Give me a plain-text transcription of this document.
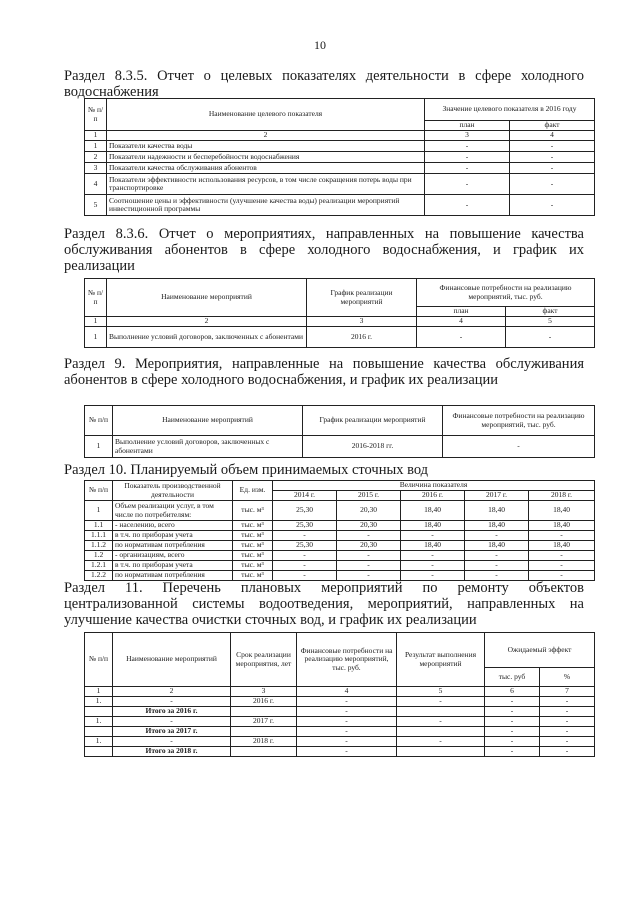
10
Раздел 8.3.5. Отчет о целевых показателях деятельности в сфере холодного водоснабжения
№ п/п	Наименование целевого показателя	Значение целевого показателя в 2016 году	
		план	факт
1	2	3	4
1	Показатели качества воды	-	-
2	Показатели надежности и бесперебойности водоснабжения	-	-
3	Показатели качества обслуживания абонентов	-	-
4	Показатели эффективности использования ресурсов, в том числе сокращения потерь воды при транспортировке	-	-
5	Соотношение цены и эффективности (улучшение качества воды) реализации мероприятий инвестиционной программы	-	-
Раздел 8.3.6. Отчет о мероприятиях, направленных на повышение качества обслуживания абонентов в сфере холодного водоснабжения, и график их реализации
№ п/п	Наименование мероприятий	График реализации мероприятий	Финансовые потребности на реализацию мероприятий, тыс. руб.	
			план	факт
1	2	3	4	5
1	Выполнение условий договоров, заключенных с абонентами	2016 г.	-	-
Раздел 9. Мероприятия, направленные на повышение качества обслуживания абонентов в сфере холодного водоснабжения, и график их реализации
№ п/п	Наименование мероприятий	График реализации мероприятий	Финансовые потребности на реализацию мероприятий, тыс. руб.
1	Выполнение условий договоров, заключенных с абонентами	2016-2018 гг.	-
Раздел 10. Планируемый объем принимаемых сточных вод
№ п/п	Показатель производственной деятельности	Ед. изм.	Величина показателя				
			2014 г.	2015 г.	2016 г.	2017 г.	2018 г.
1	Объем реализации услуг, в том числе по потребителям:	тыс. м³	25,30	20,30	18,40	18,40	18,40
1.1	- населению, всего	тыс. м³	25,30	20,30	18,40	18,40	18,40
1.1.1	в т.ч. по приборам учета	тыс. м³	-	-	-	-	-
1.1.2	по нормативам потребления	тыс. м³	25,30	20,30	18,40	18,40	18,40
1.2	- организациям, всего	тыс. м³	-	-	-	-	-
1.2.1	в т.ч. по приборам учета	тыс. м³	-	-	-	-	-
1.2.2	по нормативам потребления	тыс. м³	-	-	-	-	-
Раздел 11. Перечень плановых мероприятий по ремонту объектов централизованной системы водоотведения, мероприятий, направленных на улучшение качества очистки сточных вод, и график их реализации
№ п/п	Наименование мероприятий	Срок реализации мероприятия, лет	Финансовые потребности на реализацию мероприятий, тыс. руб.	Результат выполнения мероприятий	Ожидаемый эффект	
					тыс. руб	%
1	2	3	4	5	6	7
1.	-	2016 г.	-	-	-	-
	Итого за 2016 г.		-		-	-
1.	-	2017 г.	-	-	-	-
	Итого за 2017 г.		-		-	-
1.	-	2018 г.	-	-	-	-
	Итого за 2018 г.		-		-	-
